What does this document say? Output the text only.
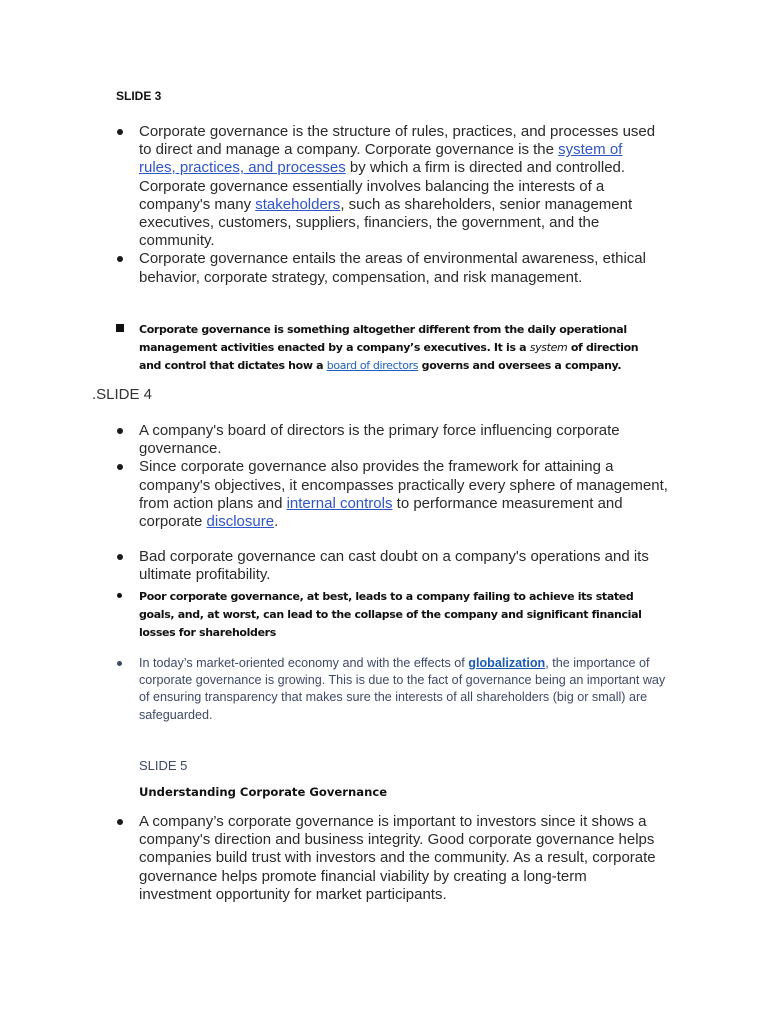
SLIDE 3
Corporate governance is the structure of rules, practices, and processes used to direct and manage a company. Corporate governance is the system of rules, practices, and processes by which a firm is directed and controlled. Corporate governance essentially involves balancing the interests of a company's many stakeholders, such as shareholders, senior management executives, customers, suppliers, financiers, the government, and the community.
Corporate governance entails the areas of environmental awareness, ethical behavior, corporate strategy, compensation, and risk management.
Corporate governance is something altogether different from the daily operational management activities enacted by a company’s executives. It is a system of direction and control that dictates how a board of directors governs and oversees a company.
.SLIDE 4
A company's board of directors is the primary force influencing corporate governance.
Since corporate governance also provides the framework for attaining a company's objectives, it encompasses practically every sphere of management, from action plans and internal controls to performance measurement and corporate disclosure.
Bad corporate governance can cast doubt on a company's operations and its ultimate profitability.
Poor corporate governance, at best, leads to a company failing to achieve its stated goals, and, at worst, can lead to the collapse of the company and significant financial losses for shareholders
In today’s market-oriented economy and with the effects of globalization, the importance of corporate governance is growing. This is due to the fact of governance being an important way of ensuring transparency that makes sure the interests of all shareholders (big or small) are safeguarded.
SLIDE 5
Understanding Corporate Governance
A company’s corporate governance is important to investors since it shows a company's direction and business integrity. Good corporate governance helps companies build trust with investors and the community. As a result, corporate governance helps promote financial viability by creating a long-term investment opportunity for market participants.
